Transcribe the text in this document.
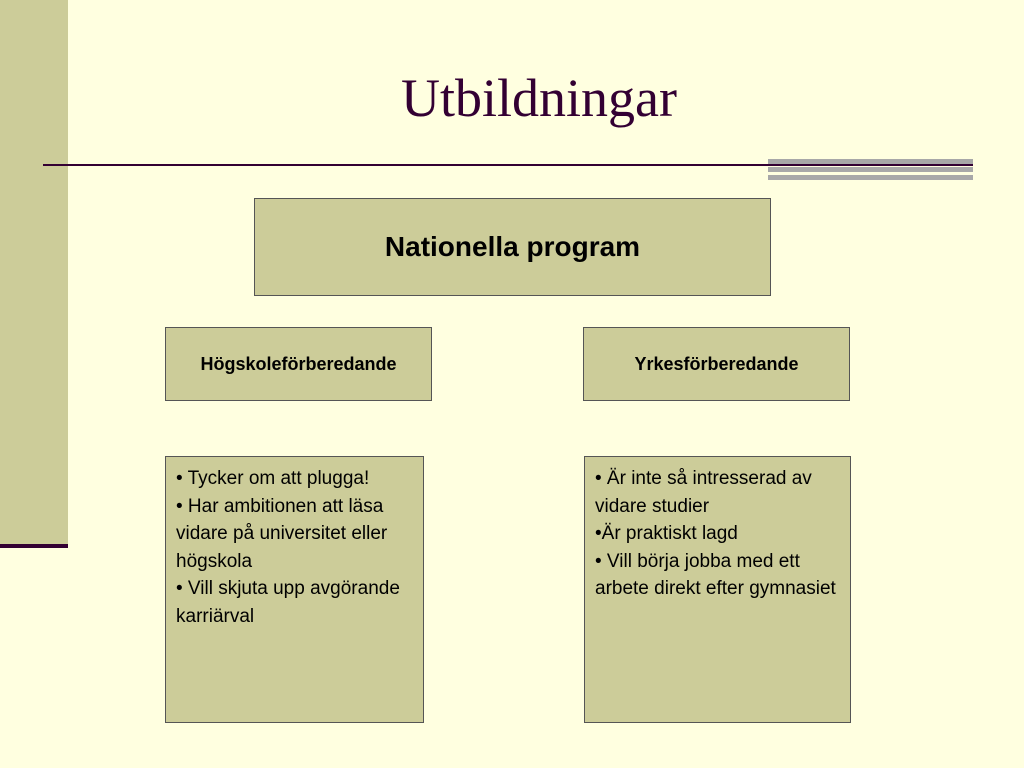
Utbildningar
Nationella program
Högskoleförberedande	Yrkesförberedande
• Tycker om att plugga!
• Har ambitionen att läsa vidare på universitet eller högskola
• Vill skjuta upp avgörande karriärval
• Är inte så intresserad av vidare studier
•Är praktiskt lagd
• Vill börja jobba med ett arbete direkt efter gymnasiet
